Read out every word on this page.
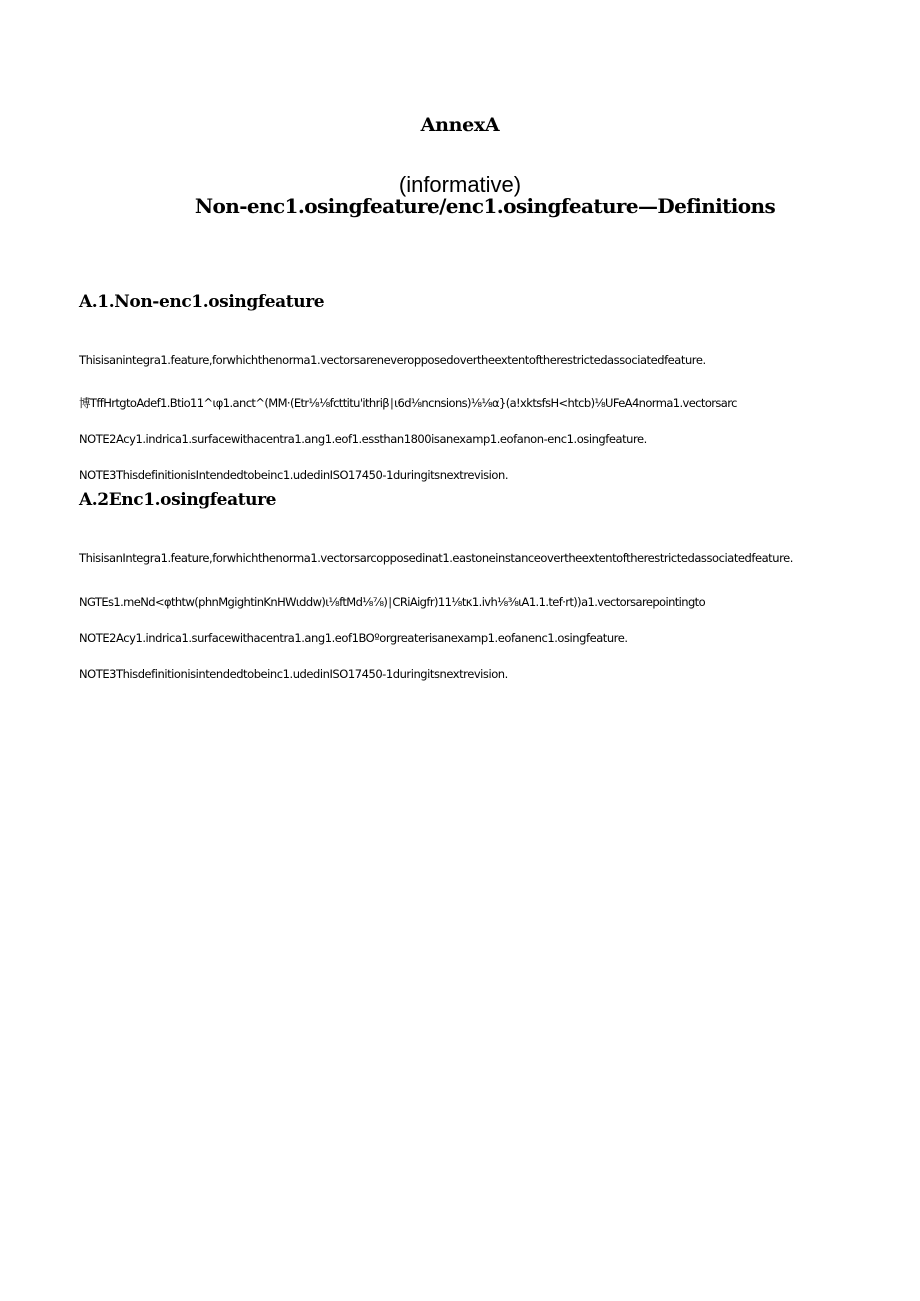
AnnexA
(informative)
Non-enc1.osingfeature/enc1.osingfeature—Definitions
A.1.Non-enc1.osingfeature
Thisisanintegra1.feature,forwhichthenorma1.vectorsareneveropposedovertheextentoftherestrictedassociatedfeature.
博TffHrtgtoAdef1.Btio11^ιφ1.anct^(MM·(Etr⅛⅛fcttitu'ithriβ∣ι6d⅛ncnsions)⅛⅛α}(a!xktsfsH<htcb)⅛UFeA4norma1.vectorsarc
NOTE2Acy1.indrica1.surfacewithacentra1.ang1.eof1.essthan1800isanexamp1.eofanon-enc1.osingfeature.
NOTE3ThisdefinitionisIntendedtobeinc1.udedinISO17450-1duringitsnextrevision.
A.2Enc1.osingfeature
ThisisanIntegra1.feature,forwhichthenorma1.vectorsarcopposedinat1.eastoneinstanceovertheextentoftherestrictedassociatedfeature.
NGTEs1.meNd<φthtw(phnMgightinKnHWιddw)ι⅛ftMd⅛⅞)∣CRiAigfr)11⅛tκ1.ivh⅛⅜ιA1.1.tef·rt))a1.vectorsarepointingto
NOTE2Acy1.indrica1.surfacewithacentra1.ang1.eof1BOºorgreaterisanexamp1.eofanenc1.osingfeature.
NOTE3Thisdefinitionisintendedtobeinc1.udedinISO17450-1duringitsnextrevision.
